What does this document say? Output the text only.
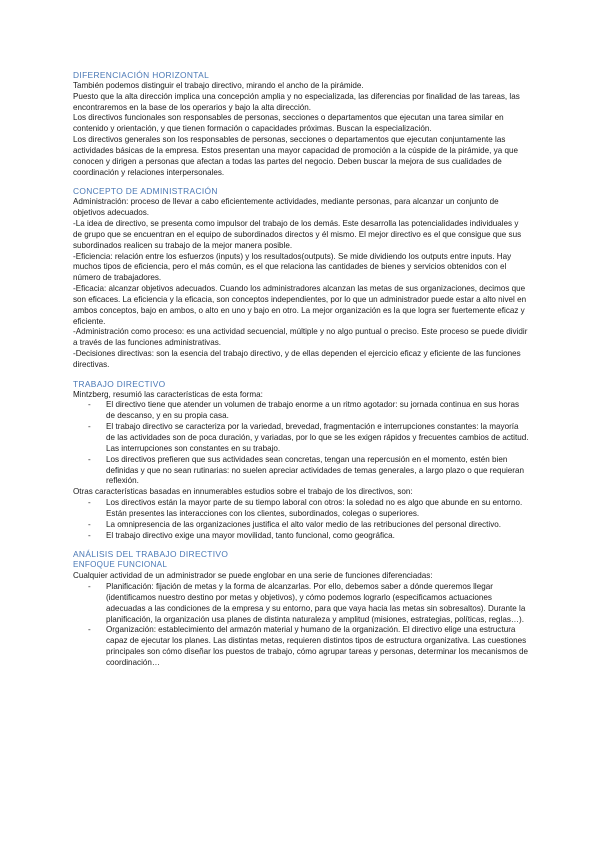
DIFERENCIACIÓN HORIZONTAL

También podemos distinguir el trabajo directivo, mirando el ancho de la pirámide.

Puesto que la alta dirección implica una concepción amplia y no especializada, las diferencias por finalidad de las tareas, las encontraremos en la base de los operarios y bajo la alta dirección.

Los directivos funcionales son responsables de personas, secciones o departamentos que ejecutan una tarea similar en contenido y orientación, y que tienen formación o capacidades próximas. Buscan la especialización.

Los directivos generales son los responsables de personas, secciones o departamentos que ejecutan conjuntamente las actividades básicas de la empresa. Estos presentan una mayor capacidad de promoción a la cúspide de la pirámide, ya que conocen y dirigen a personas que afectan a todas las partes del negocio. Deben buscar la mejora de sus cualidades de coordinación y relaciones interpersonales.

CONCEPTO DE ADMINISTRACIÓN

Administración: proceso de llevar a cabo eficientemente actividades, mediante personas, para alcanzar un conjunto de objetivos adecuados.

-La idea de directivo, se presenta como impulsor del trabajo de los demás. Este desarrolla las potencialidades individuales y de grupo que se encuentran en el equipo de subordinados directos y él mismo. El mejor directivo es el que consigue que sus subordinados realicen su trabajo de la mejor manera posible.

-Eficiencia: relación entre los esfuerzos (inputs) y los resultados(outputs). Se mide dividiendo los outputs entre inputs. Hay muchos tipos de eficiencia, pero el más común, es el que relaciona las cantidades de bienes y servicios obtenidos con el número de trabajadores.

-Eficacia: alcanzar objetivos adecuados. Cuando los administradores alcanzan las metas de sus organizaciones, decimos que son eficaces. La eficiencia y la eficacia, son conceptos independientes, por lo que un administrador puede estar a alto nivel en ambos conceptos, bajo en ambos, o alto en uno y bajo en otro. La mejor organización es la que logra ser fuertemente eficaz y eficiente.

-Administración como proceso: es una actividad secuencial, múltiple y no algo puntual o preciso. Este proceso se puede dividir a través de las funciones administrativas.

-Decisiones directivas: son la esencia del trabajo directivo, y de ellas dependen el ejercicio eficaz y eficiente de las funciones directivas.

TRABAJO DIRECTIVO

Mintzberg, resumió las características de esta forma:

- El directivo tiene que atender un volumen de trabajo enorme a un ritmo agotador: su jornada continua en sus horas de descanso, y en su propia casa.
- El trabajo directivo se caracteriza por la variedad, brevedad, fragmentación e interrupciones constantes: la mayoría de las actividades son de poca duración, y variadas, por lo que se les exigen rápidos y frecuentes cambios de actitud. Las interrupciones son constantes en su trabajo.
- Los directivos prefieren que sus actividades sean concretas, tengan una repercusión en el momento, estén bien definidas y que no sean rutinarias: no suelen apreciar actividades de temas generales, a largo plazo o que requieran reflexión.

Otras características basadas en innumerables estudios sobre el trabajo de los directivos, son:

- Los directivos están la mayor parte de su tiempo laboral con otros: la soledad no es algo que abunde en su entorno. Están presentes las interacciones con los clientes, subordinados, colegas o superiores.
- La omnipresencia de las organizaciones justifica el alto valor medio de las retribuciones del personal directivo.
- El trabajo directivo exige una mayor movilidad, tanto funcional, como geográfica.
ANÁLISIS DEL TRABAJO DIRECTIVO
ENFOQUE FUNCIONAL

Cualquier actividad de un administrador se puede englobar en una serie de funciones diferenciadas:

- Planificación: fijación de metas y la forma de alcanzarlas. Por ello, debemos saber a dónde queremos llegar (identificamos nuestro destino por metas y objetivos), y cómo podemos lograrlo (especificamos actuaciones adecuadas a las condiciones de la empresa y su entorno, para que vaya hacia las metas sin sobresaltos). Durante la planificación, la organización usa planes de distinta naturaleza y amplitud (misiones, estrategias, políticas, reglas…).
- Organización: establecimiento del armazón material y humano de la organización. El directivo elige una estructura capaz de ejecutar los planes. Las distintas metas, requieren distintos tipos de estructura organizativa. Las cuestiones principales son cómo diseñar los puestos de trabajo, cómo agrupar tareas y personas, determinar los mecanismos de coordinación…
